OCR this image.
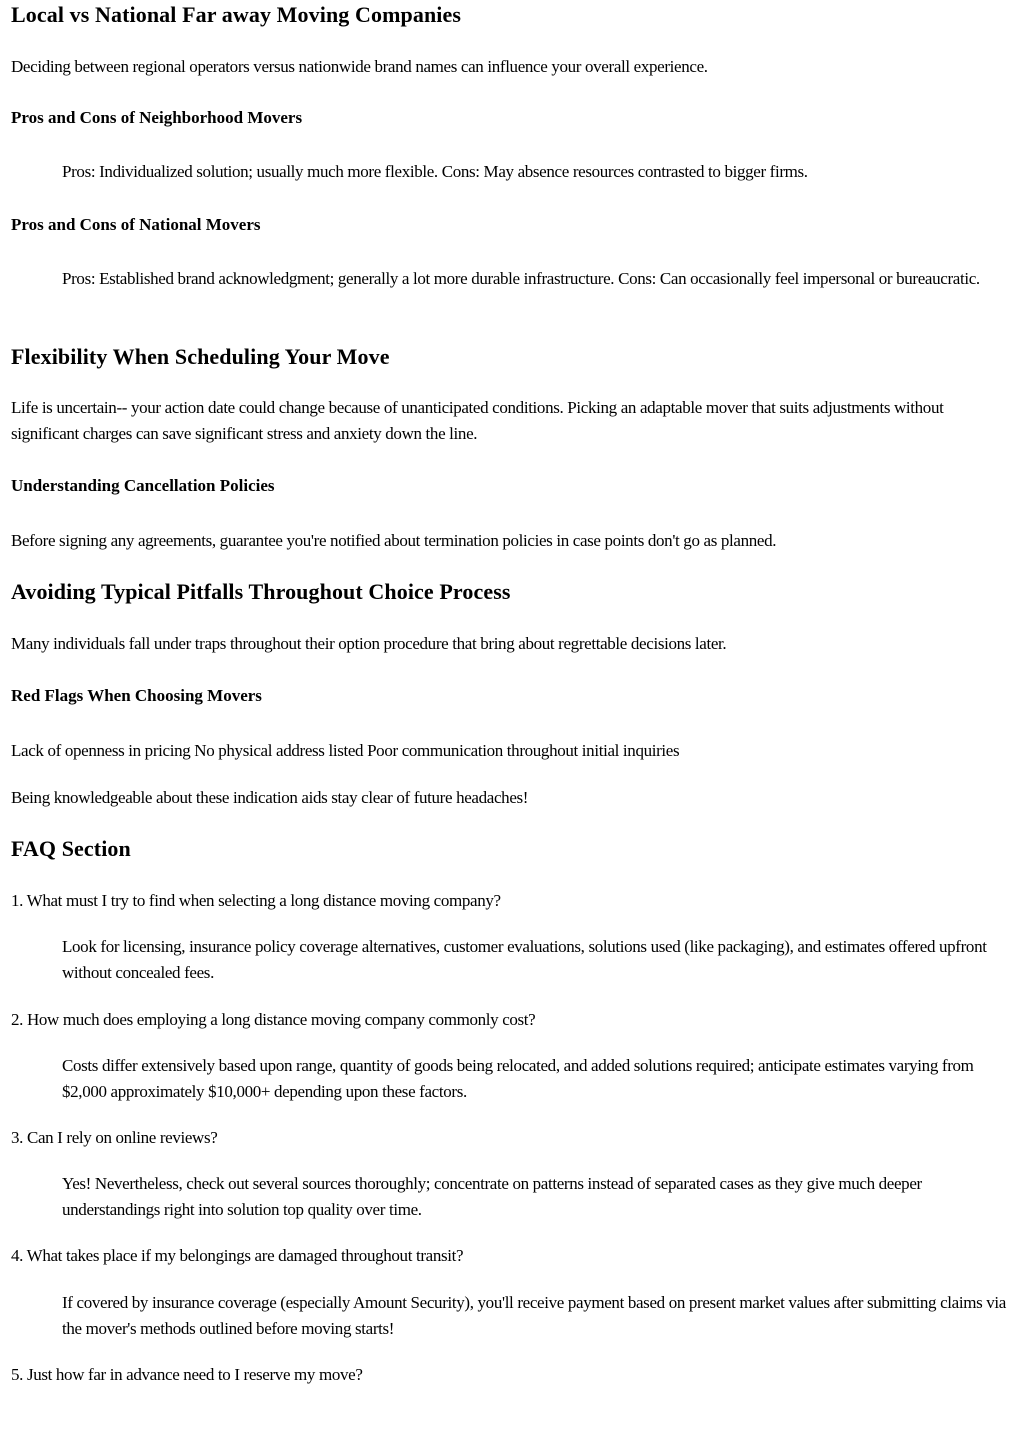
Local vs National Far away Moving Companies

Deciding between regional operators versus nationwide brand names can influence your overall experience.

Pros and Cons of Neighborhood Movers

Pros: Individualized solution; usually much more flexible. Cons: May absence resources contrasted to bigger firms.

Pros and Cons of National Movers

Pros: Established brand acknowledgment; generally a lot more durable infrastructure. Cons: Can occasionally feel impersonal or bureaucratic.

Flexibility When Scheduling Your Move

Life is uncertain-- your action date could change because of unanticipated conditions. Picking an adaptable mover that suits adjustments without significant charges can save significant stress and anxiety down the line.

Understanding Cancellation Policies

Before signing any agreements, guarantee you're notified about termination policies in case points don't go as planned.

Avoiding Typical Pitfalls Throughout Choice Process

Many individuals fall under traps throughout their option procedure that bring about regrettable decisions later.

Red Flags When Choosing Movers

Lack of openness in pricing No physical address listed Poor communication throughout initial inquiries

Being knowledgeable about these indication aids stay clear of future headaches!

FAQ Section

1. What must I try to find when selecting a long distance moving company?

Look for licensing, insurance policy coverage alternatives, customer evaluations, solutions used (like packaging), and estimates offered upfront without concealed fees.

2. How much does employing a long distance moving company commonly cost?

Costs differ extensively based upon range, quantity of goods being relocated, and added solutions required; anticipate estimates varying from $2,000 approximately $10,000+ depending upon these factors.

3. Can I rely on online reviews?

Yes! Nevertheless, check out several sources thoroughly; concentrate on patterns instead of separated cases as they give much deeper understandings right into solution top quality over time.

4. What takes place if my belongings are damaged throughout transit?

If covered by insurance coverage (especially Amount Security), you'll receive payment based on present market values after submitting claims via the mover's methods outlined before moving starts!

5. Just how far in advance need to I reserve my move?
